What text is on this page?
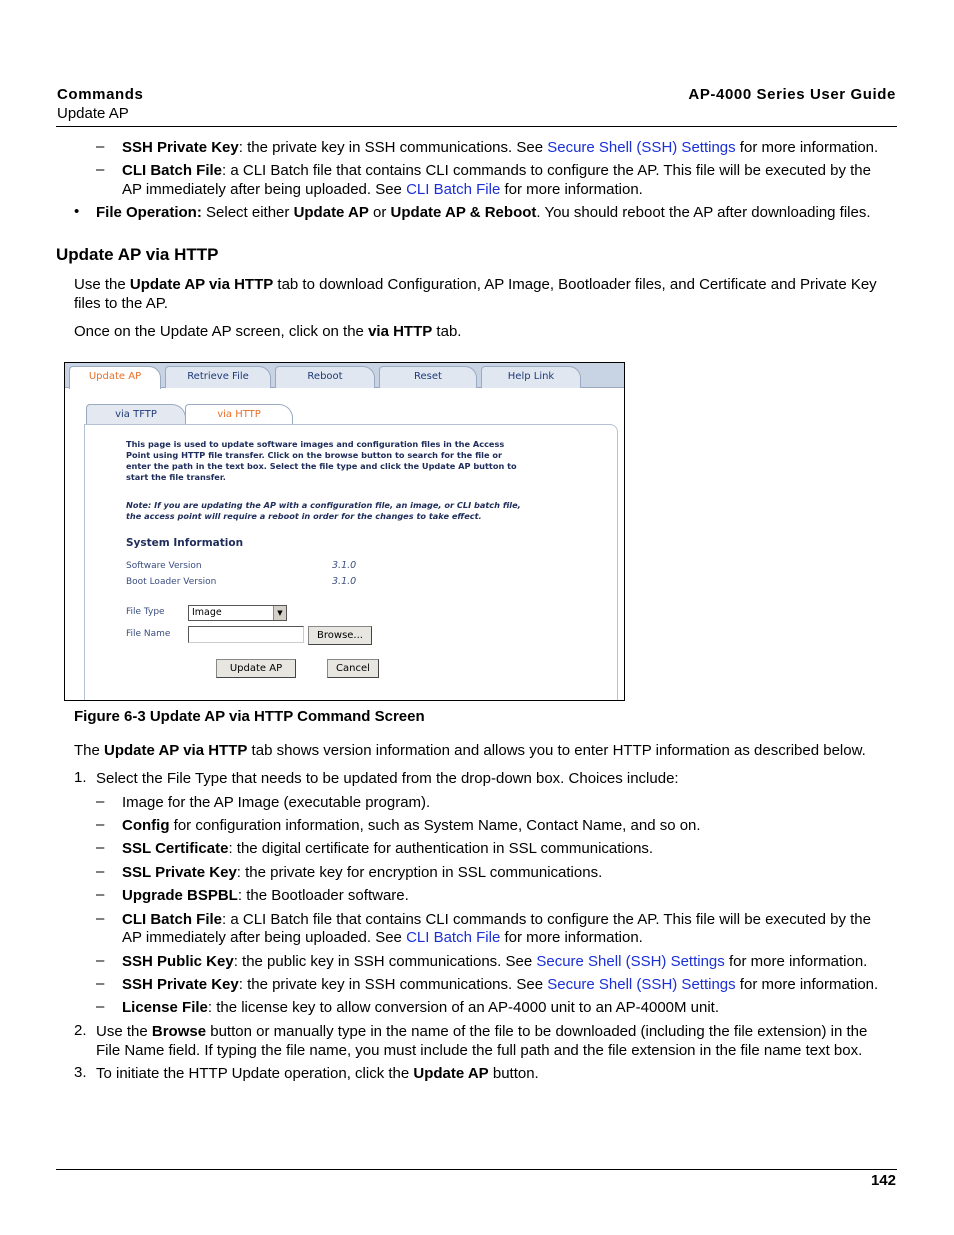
Commands
Update AP
AP-4000 Series User Guide
– SSH Private Key: the private key in SSH communications. See Secure Shell (SSH) Settings for more information.
– CLI Batch File: a CLI Batch file that contains CLI commands to configure the AP. This file will be executed by the
AP immediately after being uploaded. See CLI Batch File for more information.
• File Operation: Select either Update AP or Update AP & Reboot. You should reboot the AP after downloading files.
Update AP via HTTP
Use the Update AP via HTTP tab to download Configuration, AP Image, Bootloader files, and Certificate and Private Key
files to the AP.
Once on the Update AP screen, click on the via HTTP tab.
Update AP	Retrieve File	Reboot	Reset	Help Link
via TFTP	via HTTP
This page is used to update software images and configuration files in the Access
Point using HTTP file transfer. Click on the browse button to search for the file or
enter the path in the text box. Select the file type and click the Update AP button to
start the file transfer.
Note: If you are updating the AP with a configuration file, an image, or CLI batch file,
the access point will require a reboot in order for the changes to take effect.
System Information
Software Version	3.1.0
Boot Loader Version	3.1.0
File Type	Image	▼
File Name	Browse...
Update AP	Cancel
Figure 6-3 Update AP via HTTP Command Screen
The Update AP via HTTP tab shows version information and allows you to enter HTTP information as described below.
1. Select the File Type that needs to be updated from the drop-down box. Choices include:
– Image for the AP Image (executable program).
– Config for configuration information, such as System Name, Contact Name, and so on.
– SSL Certificate: the digital certificate for authentication in SSL communications.
– SSL Private Key: the private key for encryption in SSL communications.
– Upgrade BSPBL: the Bootloader software.
– CLI Batch File: a CLI Batch file that contains CLI commands to configure the AP. This file will be executed by the
AP immediately after being uploaded. See CLI Batch File for more information.
– SSH Public Key: the public key in SSH communications. See Secure Shell (SSH) Settings for more information.
– SSH Private Key: the private key in SSH communications. See Secure Shell (SSH) Settings for more information.
– License File: the license key to allow conversion of an AP-4000 unit to an AP-4000M unit.
2. Use the Browse button or manually type in the name of the file to be downloaded (including the file extension) in the
File Name field. If typing the file name, you must include the full path and the file extension in the file name text box.
3. To initiate the HTTP Update operation, click the Update AP button.
142
